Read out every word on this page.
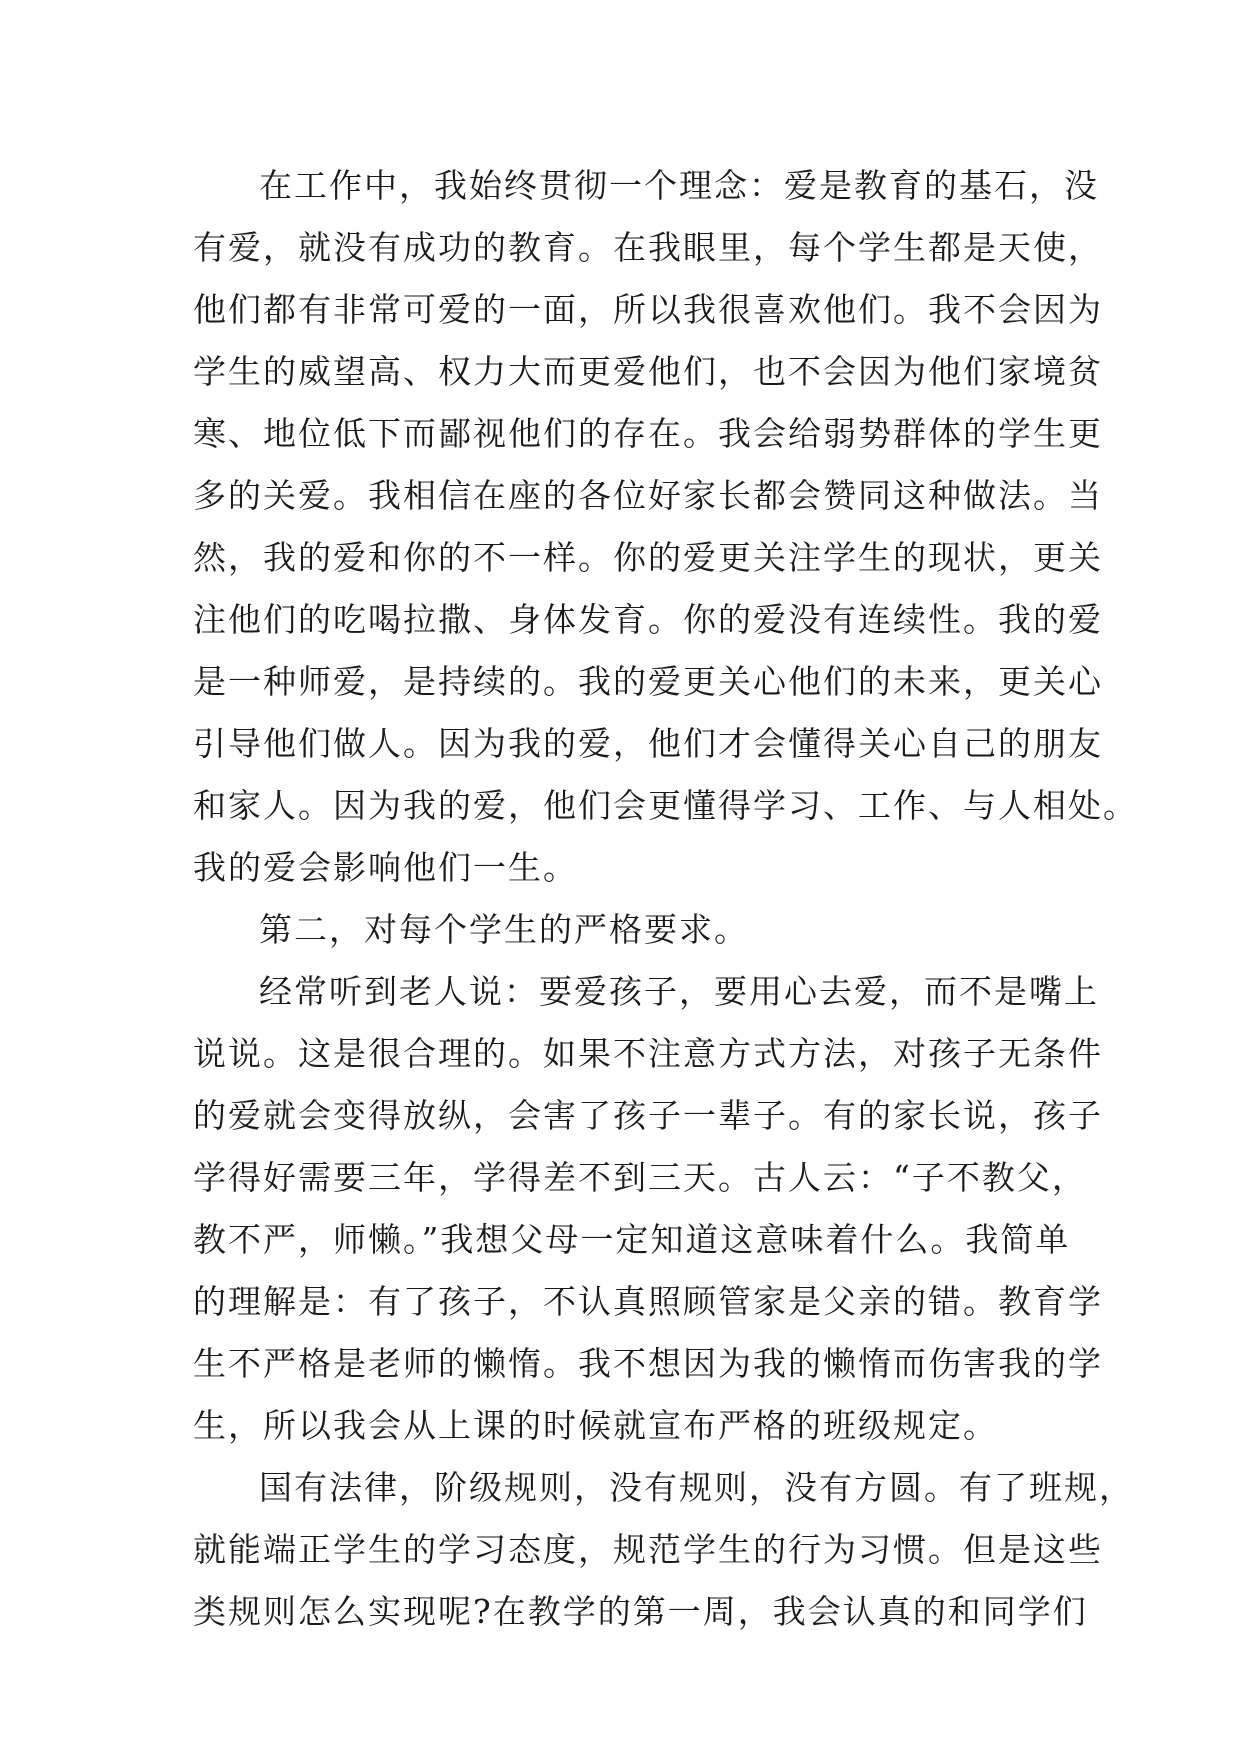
在工作中，我始终贯彻一个理念：爱是教育的基石，没
有爱，就没有成功的教育。在我眼里，每个学生都是天使，
他们都有非常可爱的一面，所以我很喜欢他们。我不会因为
学生的威望高、权力大而更爱他们，也不会因为他们家境贫
寒、地位低下而鄙视他们的存在。我会给弱势群体的学生更
多的关爱。我相信在座的各位好家长都会赞同这种做法。当
然，我的爱和你的不一样。你的爱更关注学生的现状，更关
注他们的吃喝拉撒、身体发育。你的爱没有连续性。我的爱
是一种师爱，是持续的。我的爱更关心他们的未来，更关心
引导他们做人。因为我的爱，他们才会懂得关心自己的朋友
和家人。因为我的爱，他们会更懂得学习、工作、与人相处。
我的爱会影响他们一生。
第二，对每个学生的严格要求。
经常听到老人说：要爱孩子，要用心去爱，而不是嘴上
说说。这是很合理的。如果不注意方式方法，对孩子无条件
的爱就会变得放纵，会害了孩子一辈子。有的家长说，孩子
学得好需要三年，学得差不到三天。古人云：“子不教父，
教不严，师懒。”我想父母一定知道这意味着什么。我简单
的理解是：有了孩子，不认真照顾管家是父亲的错。教育学
生不严格是老师的懒惰。我不想因为我的懒惰而伤害我的学
生，所以我会从上课的时候就宣布严格的班级规定。
国有法律，阶级规则，没有规则，没有方圆。有了班规，
就能端正学生的学习态度，规范学生的行为习惯。但是这些
类规则怎么实现呢?在教学的第一周，我会认真的和同学们
